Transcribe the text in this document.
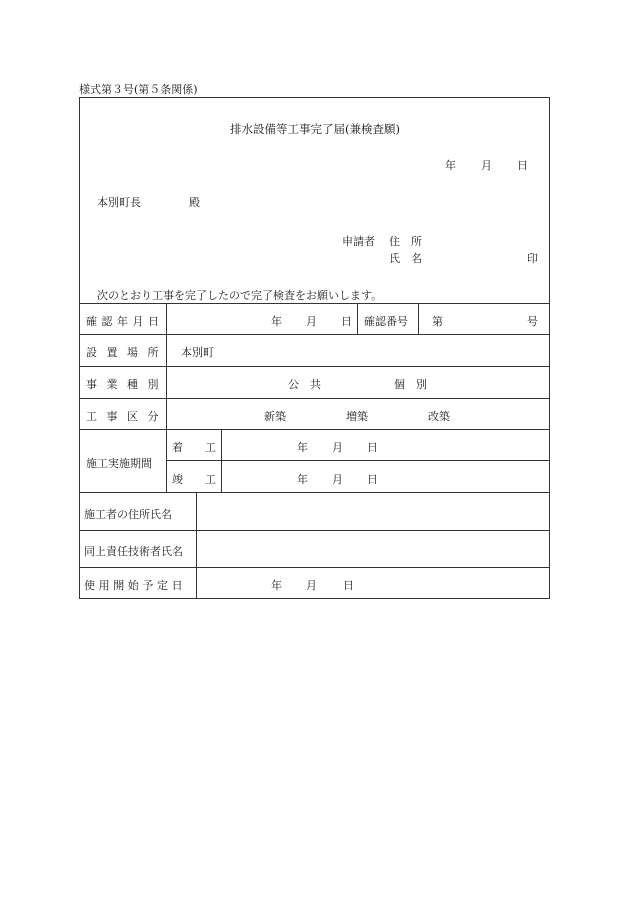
様式第３号(第５条関係)
排水設備等工事完了届(兼検査願)
年 月 日
本別町長	殿
申請者 住　所
氏　名	印
次のとおり工事を完了したので完了検査をお願いします。
確認年月日	年 月 日 確認番号 第	号
設置場所 本別町
事業種別	公　共	個　別
工事区分	新築	増築	改築
施工実施期間
着　　工	年 月 日
竣　　工	年 月 日
施工者の住所氏名
同上責任技術者氏名
使用開始予定日	年 月 日
